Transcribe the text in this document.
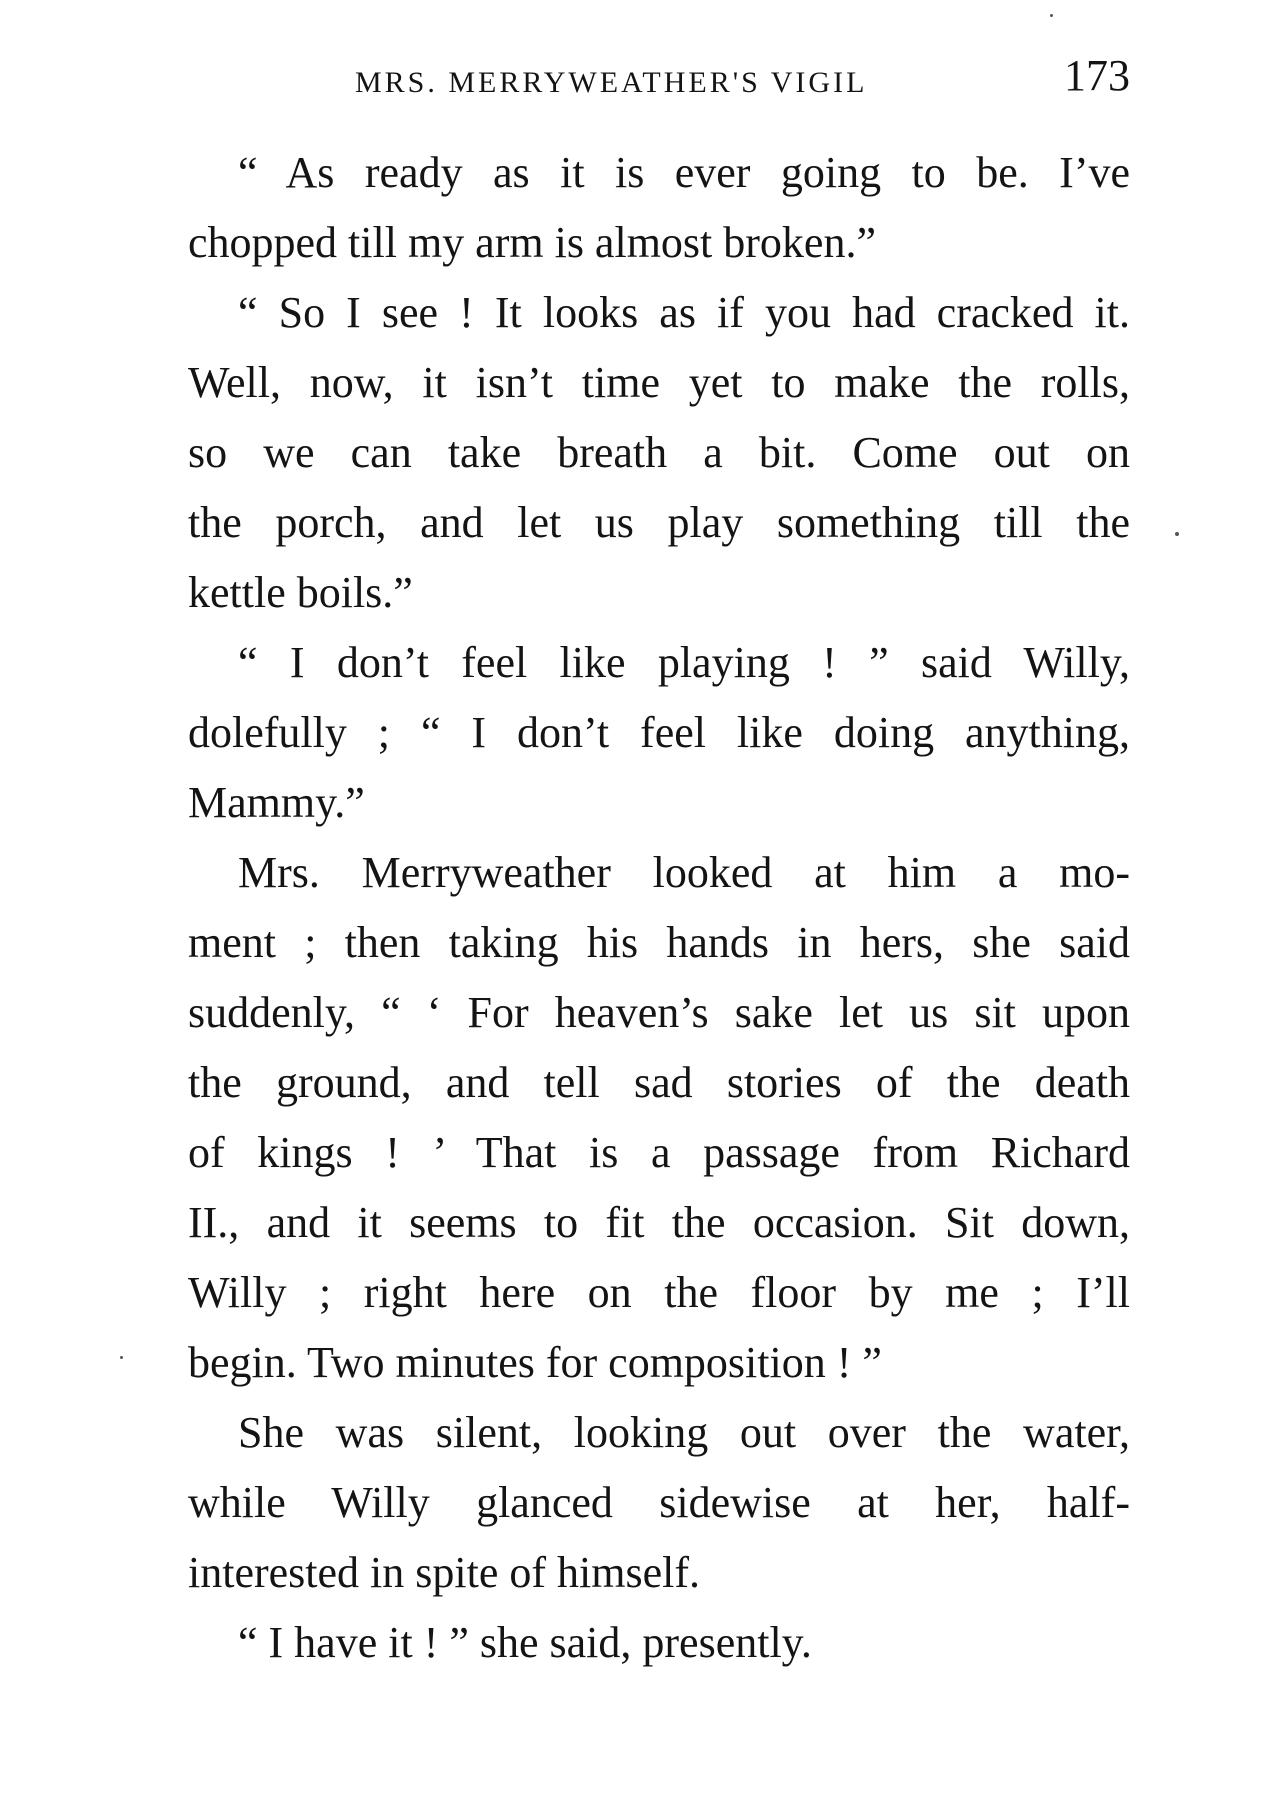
MRS. MERRYWEATHER'S VIGIL	173
“ As ready as it is ever going to be. I’ve
chopped till my arm is almost broken.”
“ So I see ! It looks as if you had cracked it.
Well, now, it isn’t time yet to make the rolls,
so we can take breath a bit. Come out on
the porch, and let us play something till the
kettle boils.”
“ I don’t feel like playing ! ” said Willy,
dolefully ; “ I don’t feel like doing anything,
Mammy.”
Mrs. Merryweather looked at him a mo-
ment ; then taking his hands in hers, she said
suddenly, “ ‘ For heaven’s sake let us sit upon
the ground, and tell sad stories of the death
of kings ! ’ That is a passage from Richard
II., and it seems to fit the occasion. Sit down,
Willy ; right here on the floor by me ; I’ll
begin. Two minutes for composition ! ”
She was silent, looking out over the water,
while Willy glanced sidewise at her, half-
interested in spite of himself.
“ I have it ! ” she said, presently.
